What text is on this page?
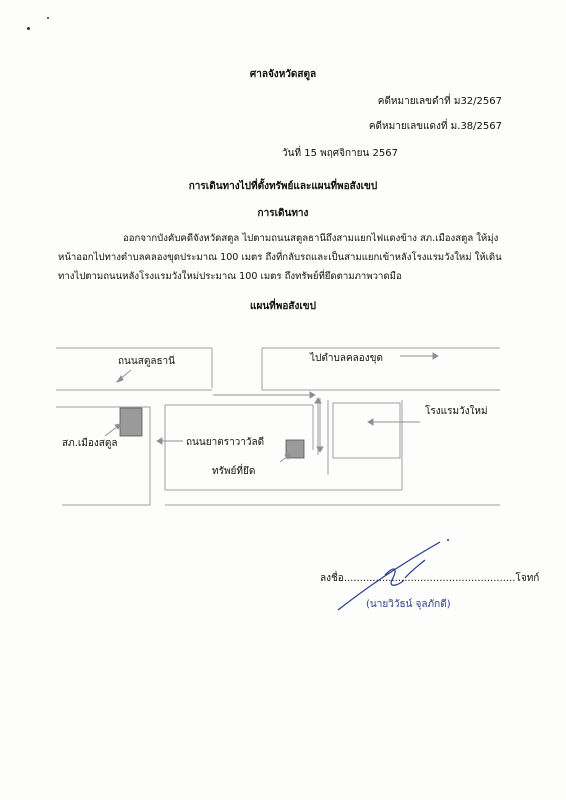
ศาลจังหวัดสตูล
คดีหมายเลขดำที่ ม32/2567
คดีหมายเลขแดงที่ ม.38/2567
วันที่ 15 พฤศจิกายน 2567
การเดินทางไปที่ตั้งทรัพย์และแผนที่พอสังเขป
การเดินทาง
ออกจากบังคับคดีจังหวัดสตูล ไปตามถนนสตูลธานีถึงสามแยกไฟแดงข้าง สภ.เมืองสตูล ให้มุ่งหน้าออกไปทางตำบลคลองขุดประมาณ 100 เมตร ถึงที่กลับรถและเป็นสามแยกเข้าหลังโรงแรมวังใหม่ ให้เดินทางไปตามถนนหลังโรงแรมวังใหม่ประมาณ 100 เมตร ถึงทรัพย์ที่ยึดตามภาพวาดมือ
แผนที่พอสังเขป
ถนนสตูลธานี	ไปตำบลคลองขุด
โรงแรมวังใหม่
สภ.เมืองสตูล	ถนนยาตราวาวัลดี
ทรัพย์ที่ยึด
ลงชื่อ......................................................โจทก์
(นายวิวัธน์ จุลภักดี)
